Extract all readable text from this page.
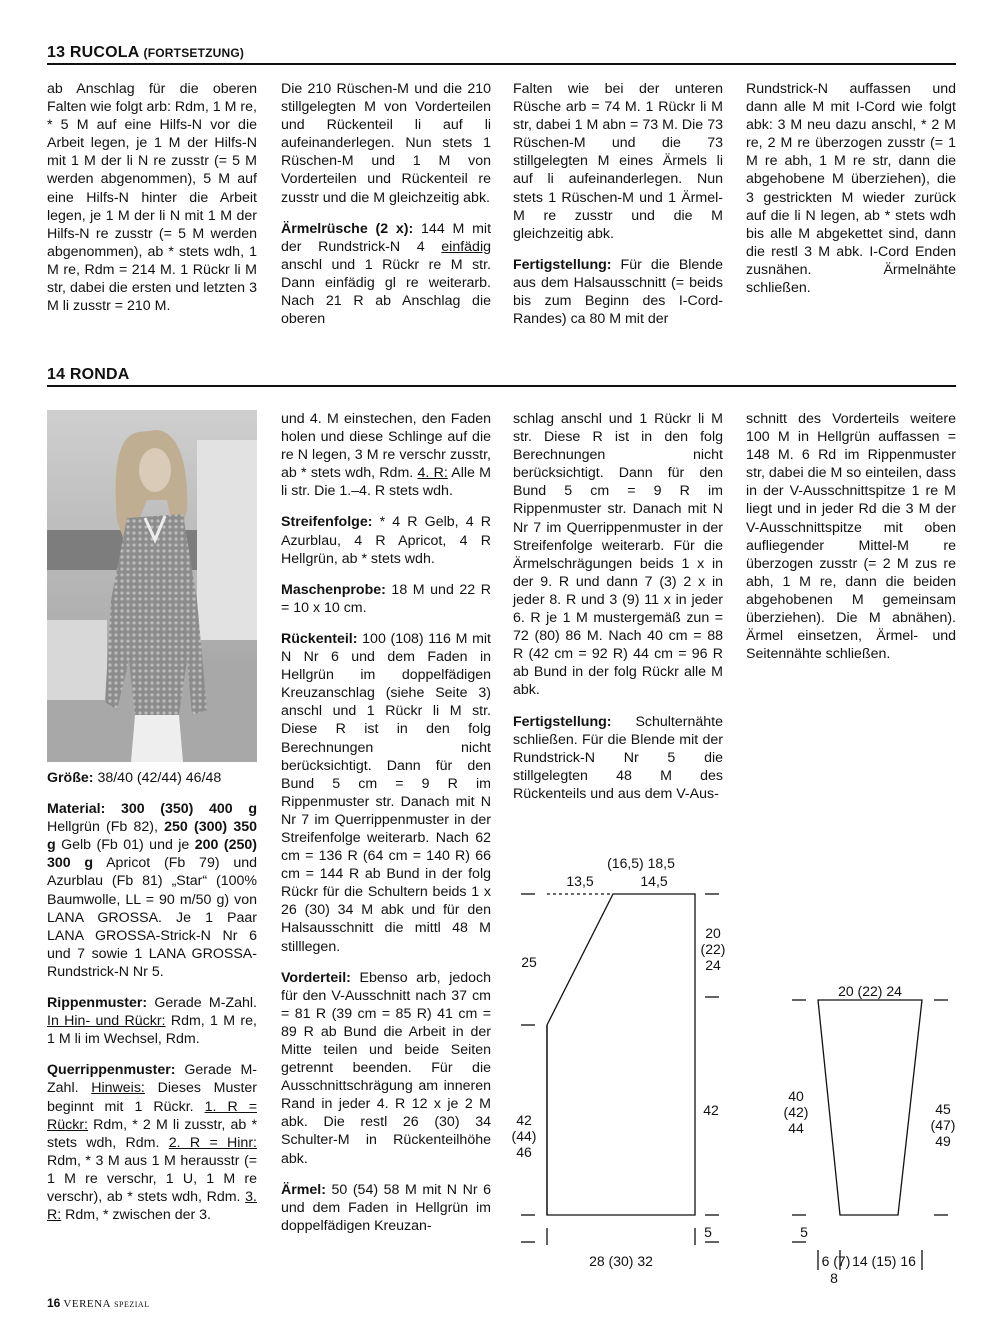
13 RUCOLA (FORTSETZUNG)

ab Anschlag für die oberen Falten wie folgt arb: Rdm, 1 M re, * 5 M auf eine Hilfs-N vor die Arbeit legen, je 1 M der Hilfs-N mit 1 M der li N re zusstr (= 5 M werden abgenommen), 5 M auf eine Hilfs-N hinter die Arbeit legen, je 1 M der li N mit 1 M der Hilfs-N re zusstr (= 5 M werden abgenommen), ab * stets wdh, 1 M re, Rdm = 214 M. 1 Rückr li M str, dabei die ersten und letzten 3 M li zusstr = 210 M.

Die 210 Rüschen-M und die 210 stillgelegten M von Vorderteilen und Rückenteil li auf li aufeinanderlegen. Nun stets 1 Rüschen-M und 1 M von Vorderteilen und Rückenteil re zusstr und die M gleichzeitig abk.

Ärmelrüsche (2 x): 144 M mit der Rundstrick-N 4 einfädig anschl und 1 Rückr re M str. Dann einfädig gl re weiterarb. Nach 21 R ab Anschlag die oberen

Falten wie bei der unteren Rüsche arb = 74 M. 1 Rückr li M str, dabei 1 M abn = 73 M. Die 73 Rüschen-M und die 73 stillgelegten M eines Ärmels li auf li aufeinanderlegen. Nun stets 1 Rüschen-M und 1 Ärmel-M re zusstr und die M gleichzeitig abk.

Fertigstellung: Für die Blende aus dem Halsausschnitt (= beids bis zum Beginn des I-Cord-Randes) ca 80 M mit der

Rundstrick-N auffassen und dann alle M mit I-Cord wie folgt abk: 3 M neu dazu anschl, * 2 M re, 2 M re überzogen zusstr (= 1 M re abh, 1 M re str, dann die abgehobene M überziehen), die 3 gestrickten M wieder zurück auf die li N legen, ab * stets wdh bis alle M abgekettet sind, dann die restl 3 M abk. I-Cord Enden zusnähen. Ärmelnähte schließen.

14 RONDA

Größe: 38/40 (42/44) 46/48

Material: 300 (350) 400 g Hellgrün (Fb 82), 250 (300) 350 g Gelb (Fb 01) und je 200 (250) 300 g Apricot (Fb 79) und Azurblau (Fb 81) „Star“ (100% Baumwolle, LL = 90 m/50 g) von LANA GROSSA. Je 1 Paar LANA GROSSA-Strick-N Nr 6 und 7 sowie 1 LANA GROSSA-Rundstrick-N Nr 5.

Rippenmuster: Gerade M-Zahl. In Hin- und Rückr: Rdm, 1 M re, 1 M li im Wechsel, Rdm.

Querrippenmuster: Gerade M-Zahl. Hinweis: Dieses Muster beginnt mit 1 Rückr. 1. R = Rückr: Rdm, * 2 M li zusstr, ab * stets wdh, Rdm. 2. R = Hinr: Rdm, * 3 M aus 1 M herausstr (= 1 M re verschr, 1 U, 1 M re verschr), ab * stets wdh, Rdm. 3. R: Rdm, * zwischen der 3.

und 4. M einstechen, den Faden holen und diese Schlinge auf die re N legen, 3 M re verschr zusstr, ab * stets wdh, Rdm. 4. R: Alle M li str. Die 1.–4. R stets wdh.

Streifenfolge: * 4 R Gelb, 4 R Azurblau, 4 R Apricot, 4 R Hellgrün, ab * stets wdh.

Maschenprobe: 18 M und 22 R = 10 x 10 cm.

Rückenteil: 100 (108) 116 M mit N Nr 6 und dem Faden in Hellgrün im doppelfädigen Kreuzanschlag (siehe Seite 3) anschl und 1 Rückr li M str. Diese R ist in den folg Berechnungen nicht berücksichtigt. Dann für den Bund 5 cm = 9 R im Rippenmuster str. Danach mit N Nr 7 im Querrippenmuster in der Streifenfolge weiterarb. Nach 62 cm = 136 R (64 cm = 140 R) 66 cm = 144 R ab Bund in der folg Rückr für die Schultern beids 1 x 26 (30) 34 M abk und für den Halsausschnitt die mittl 48 M stilllegen.

Vorderteil: Ebenso arb, jedoch für den V-Ausschnitt nach 37 cm = 81 R (39 cm = 85 R) 41 cm = 89 R ab Bund die Arbeit in der Mitte teilen und beide Seiten getrennt beenden. Für die Ausschnittschrägung am inneren Rand in jeder 4. R 12 x je 2 M abk. Die restl 26 (30) 34 Schulter-M in Rückenteilhöhe abk.

Ärmel: 50 (54) 58 M mit N Nr 6 und dem Faden in Hellgrün im doppelfädigen Kreuzan-

schlag anschl und 1 Rückr li M str. Diese R ist in den folg Berechnungen nicht berücksichtigt. Dann für den Bund 5 cm = 9 R im Rippenmuster str. Danach mit N Nr 7 im Querrippenmuster in der Streifenfolge weiterarb. Für die Ärmelschrägungen beids 1 x in der 9. R und dann 7 (3) 2 x in jeder 8. R und 3 (9) 11 x in jeder 6. R je 1 M mustergemäß zun = 72 (80) 86 M. Nach 40 cm = 88 R (42 cm = 92 R) 44 cm = 96 R ab Bund in der folg Rückr alle M abk.

Fertigstellung: Schulternähte schließen. Für die Blende mit der Rundstrick-N Nr 5 die stillgelegten 48 M des Rückenteils und aus dem V-Aus-

schnitt des Vorderteils weitere 100 M in Hellgrün auffassen = 148 M. 6 Rd im Rippenmuster str, dabei die M so einteilen, dass in der V-Ausschnittspitze 1 re M liegt und in jeder Rd die 3 M der V-Ausschnittspitze mit oben aufliegender Mittel-M re überzogen zusstr (= 2 M zus re abh, 1 M re, dann die beiden abgehobenen M gemeinsam überziehen). Die M abnähen). Ärmel einsetzen, Ärmel- und Seitennähte schließen.

(16,5) 18,5
13,5	14,5
20
(22)
24
25
42
42
(44)
46
5
28 (30) 32
20 (22) 24
40
(42)
44
45
(47)
49
5
6 (7)
8
14 (15) 16
16 VERENA SPEZIAL
